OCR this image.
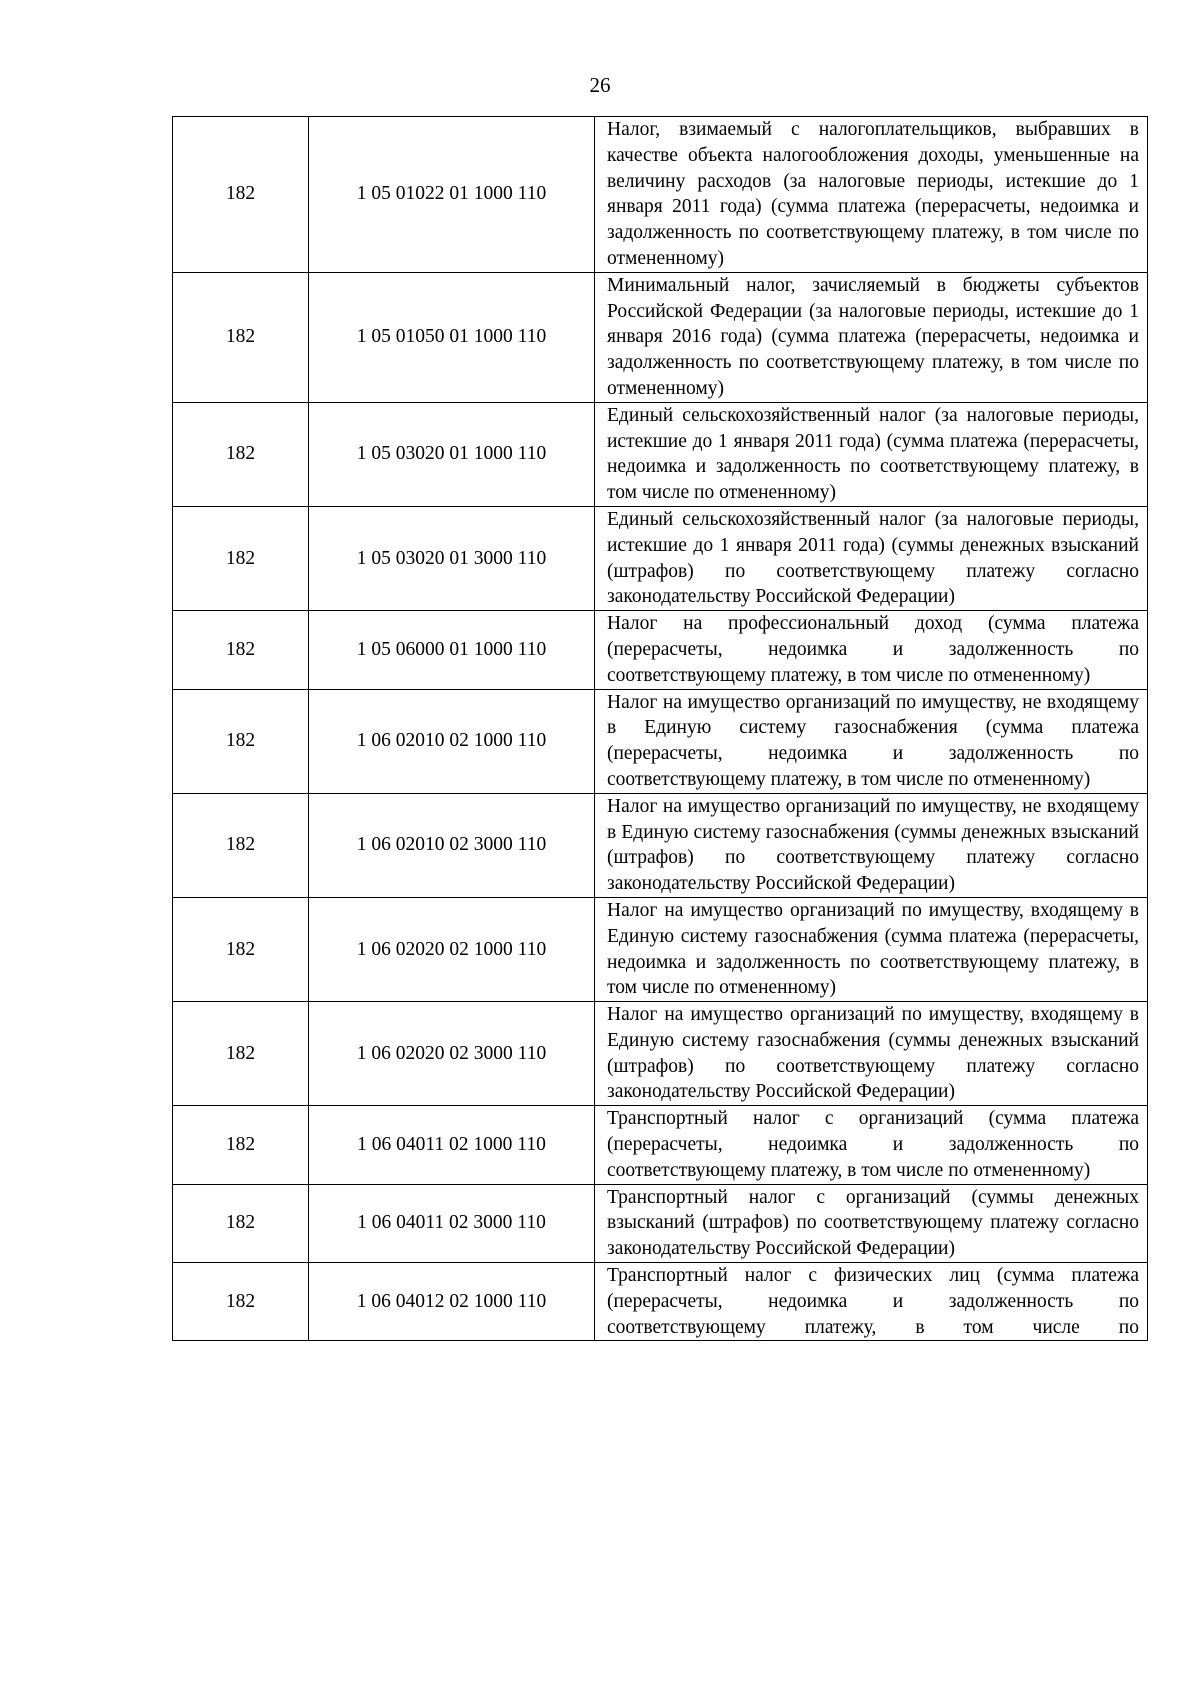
26
182	1 05 01022 01 1000 110	Налог, взимаемый с налогоплательщиков, выбравших в качестве объекта налогообложения доходы, уменьшенные на величину расходов (за налоговые периоды, истекшие до 1 января 2011 года) (сумма платежа (перерасчеты, недоимка и задолженность по соответствующему платежу, в том числе по отмененному)
182	1 05 01050 01 1000 110	Минимальный налог, зачисляемый в бюджеты субъектов Российской Федерации (за налоговые периоды, истекшие до 1 января 2016 года) (сумма платежа (перерасчеты, недоимка и задолженность по соответствующему платежу, в том числе по отмененному)
182	1 05 03020 01 1000 110	Единый сельскохозяйственный налог (за налоговые периоды, истекшие до 1 января 2011 года) (сумма платежа (перерасчеты, недоимка и задолженность по соответствующему платежу, в том числе по отмененному)
182	1 05 03020 01 3000 110	Единый сельскохозяйственный налог (за налоговые периоды, истекшие до 1 января 2011 года) (суммы денежных взысканий (штрафов) по соответствующему платежу согласно законодательству Российской Федерации)
182	1 05 06000 01 1000 110	Налог на профессиональный доход (сумма платежа (перерасчеты, недоимка и задолженность по соответствующему платежу, в том числе по отмененному)
182	1 06 02010 02 1000 110	Налог на имущество организаций по имуществу, не входящему в Единую систему газоснабжения (сумма платежа (перерасчеты, недоимка и задолженность по соответствующему платежу, в том числе по отмененному)
182	1 06 02010 02 3000 110	Налог на имущество организаций по имуществу, не входящему в Единую систему газоснабжения (суммы денежных взысканий (штрафов) по соответствующему платежу согласно законодательству Российской Федерации)
182	1 06 02020 02 1000 110	Налог на имущество организаций по имуществу, входящему в Единую систему газоснабжения (сумма платежа (перерасчеты, недоимка и задолженность по соответствующему платежу, в том числе по отмененному)
182	1 06 02020 02 3000 110	Налог на имущество организаций по имуществу, входящему в Единую систему газоснабжения (суммы денежных взысканий (штрафов) по соответствующему платежу согласно законодательству Российской Федерации)
182	1 06 04011 02 1000 110	Транспортный налог с организаций (сумма платежа (перерасчеты, недоимка и задолженность по соответствующему платежу, в том числе по отмененному)
182	1 06 04011 02 3000 110	Транспортный налог с организаций (суммы денежных взысканий (штрафов) по соответствующему платежу согласно законодательству Российской Федерации)
182	1 06 04012 02 1000 110	Транспортный налог с физических лиц (сумма платежа (перерасчеты, недоимка и задолженность по соответствующему платежу, в том числе по
